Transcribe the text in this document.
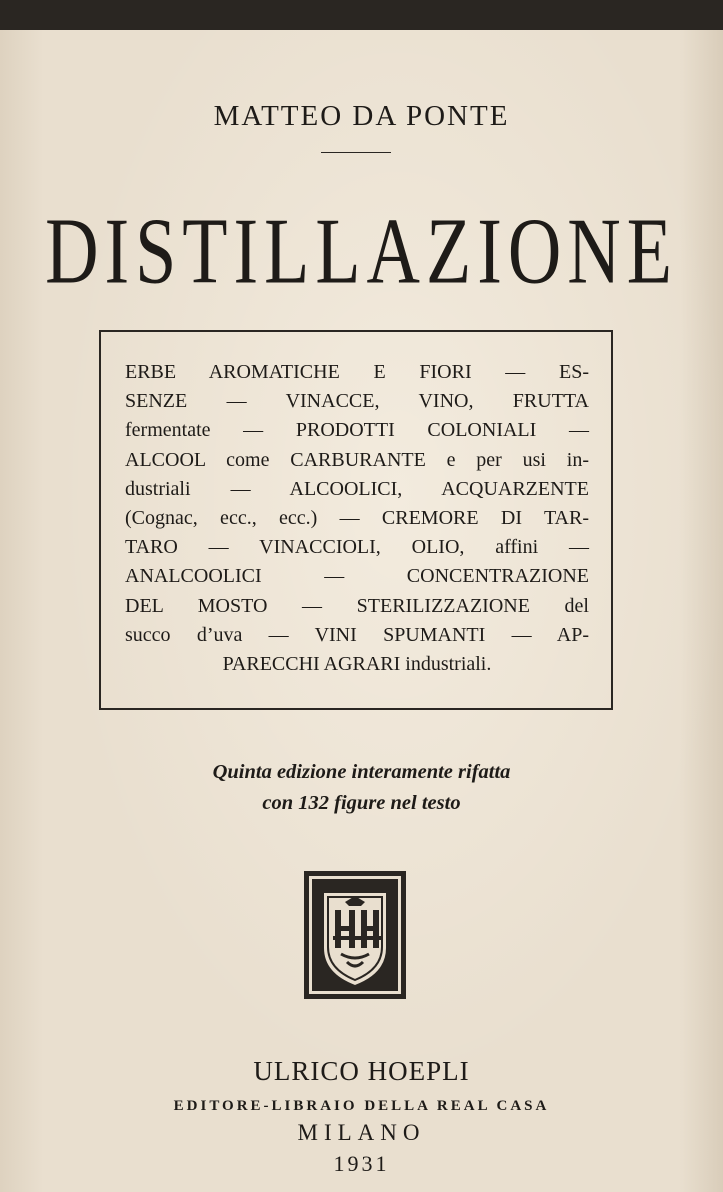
MATTEO DA PONTE
DISTILLAZIONE
ERBE AROMATICHE E FIORI — ES-
SENZE — VINACCE, VINO, FRUTTA
fermentate — PRODOTTI COLONIALI —
ALCOOL come CARBURANTE e per usi in-
dustriali — ALCOOLICI, ACQUARZENTE
(Cognac, ecc., ecc.) — CREMORE DI TAR-
TARO — VINACCIOLI, OLIO, affini —
ANALCOOLICI — CONCENTRAZIONE
DEL MOSTO — STERILIZZAZIONE del
succo d’uva — VINI SPUMANTI — AP-
PARECCHI AGRARI industriali.
Quinta edizione interamente rifatta
con 132 figure nel testo
ULRICO HOEPLI
EDITORE-LIBRAIO DELLA REAL CASA
MILANO
1931
